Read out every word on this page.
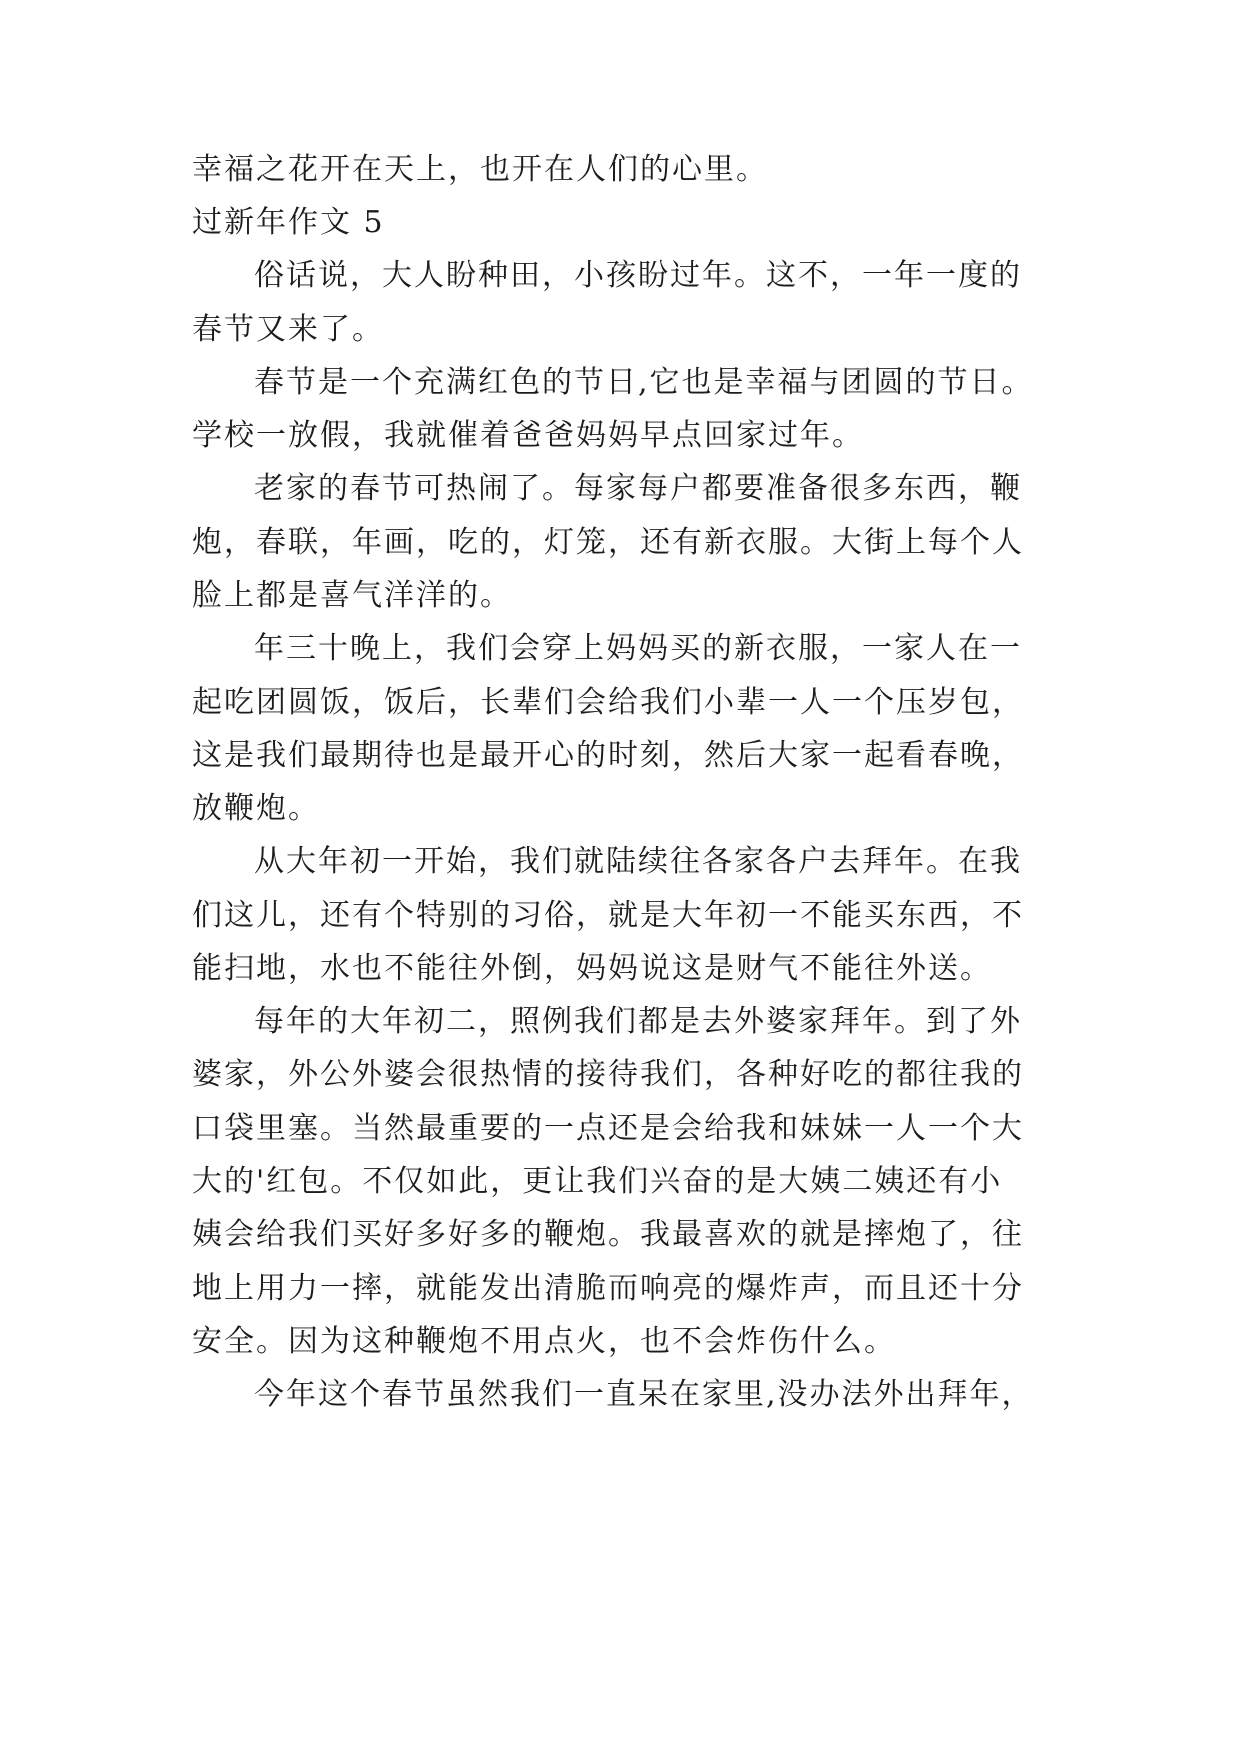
幸福之花开在天上，也开在人们的心里。
过新年作文 5
俗话说，大人盼种田，小孩盼过年。这不，一年一度的
春节又来了。
春节是一个充满红色的节日,它也是幸福与团圆的节日。
学校一放假，我就催着爸爸妈妈早点回家过年。
老家的春节可热闹了。每家每户都要准备很多东西，鞭
炮，春联，年画，吃的，灯笼，还有新衣服。大街上每个人
脸上都是喜气洋洋的。
年三十晚上，我们会穿上妈妈买的新衣服，一家人在一
起吃团圆饭，饭后，长辈们会给我们小辈一人一个压岁包，
这是我们最期待也是最开心的时刻，然后大家一起看春晚，
放鞭炮。
从大年初一开始，我们就陆续往各家各户去拜年。在我
们这儿，还有个特别的习俗，就是大年初一不能买东西，不
能扫地，水也不能往外倒，妈妈说这是财气不能往外送。
每年的大年初二，照例我们都是去外婆家拜年。到了外
婆家，外公外婆会很热情的接待我们，各种好吃的都往我的
口袋里塞。当然最重要的一点还是会给我和妹妹一人一个大
大的'红包。不仅如此，更让我们兴奋的是大姨二姨还有小
姨会给我们买好多好多的鞭炮。我最喜欢的就是摔炮了，往
地上用力一摔，就能发出清脆而响亮的爆炸声，而且还十分
安全。因为这种鞭炮不用点火，也不会炸伤什么。
今年这个春节虽然我们一直呆在家里,没办法外出拜年，
